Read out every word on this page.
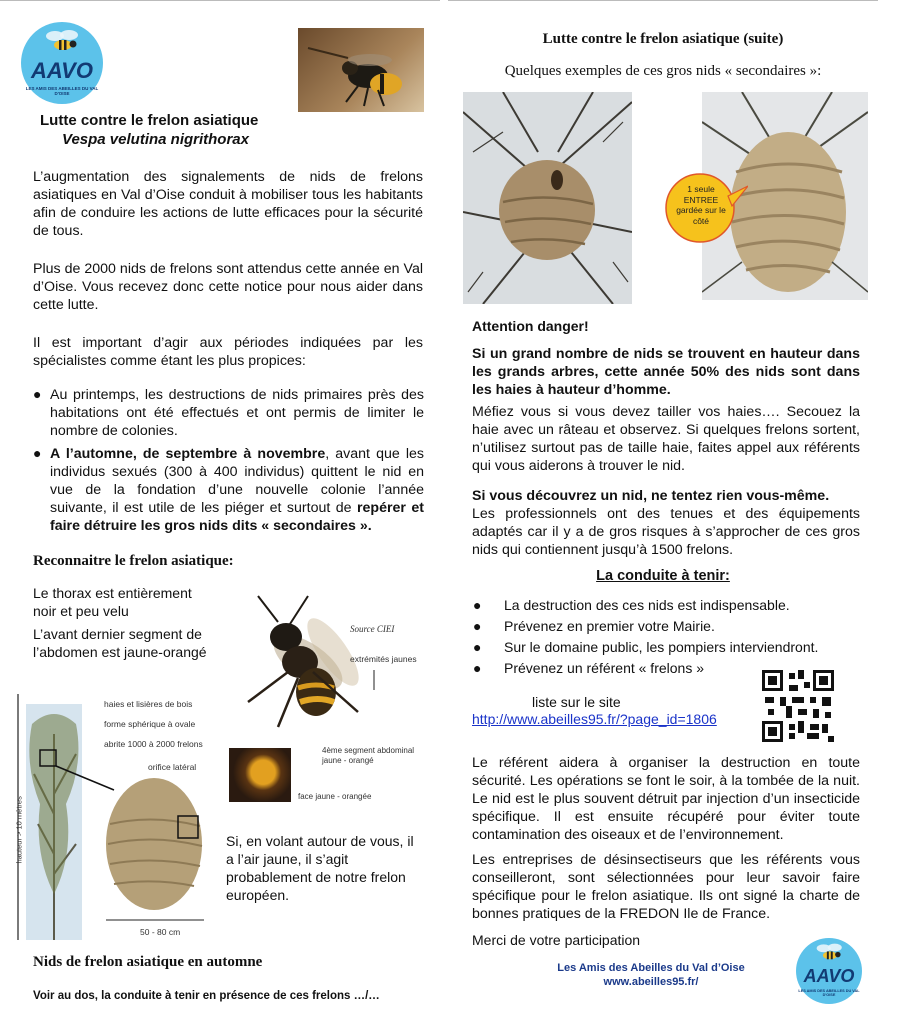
AAVO
LES AMIS DES ABEILLES DU VAL D'OISE
Lutte contre le frelon asiatique
Vespa velutina nigrithorax
L’augmentation des signalements de nids de frelons asiatiques en Val d’Oise conduit à mobiliser tous les habitants afin de conduire les actions de lutte efficaces pour la sécurité de tous.
Plus de 2000 nids de frelons sont attendus cette année en Val d’Oise. Vous recevez donc cette notice pour nous aider dans cette lutte.
Il est important d’agir aux périodes indiquées par les spécialistes comme étant les plus propices:
● Au printemps, les destructions de nids primaires près des habitations ont été effectués et ont permis de limiter le nombre de colonies.
● A l’automne, de septembre à novembre, avant que les individus sexués (300 à 400 individus) quittent le nid en vue de la fondation d’une nouvelle colonie l’année suivante, il est utile de les piéger et surtout de repérer et faire détruire les gros nids dits « secondaires ».
Reconnaitre le frelon asiatique:
Le thorax est entièrement noir et peu velu
L’avant dernier segment de l’abdomen est jaune-orangé
Source CIEI
extrémités jaunes
4ème segment abdominal
jaune - orangé
face jaune - orangée
haies et lisières de bois
forme sphérique à ovale
abrite 1000 à 2000 frelons
orifice latéral
hauteur > 10 mètres
50 - 80 cm
Si, en volant autour de vous, il a l’air jaune, il s’agit probablement de notre frelon européen.
Nids de frelon asiatique en automne
Voir au dos, la conduite à tenir en présence de ces frelons …/…
Lutte contre le frelon asiatique (suite)
Quelques exemples de ces gros nids « secondaires »:
1 seule ENTREE gardée sur le côté
Attention danger!
Si un grand nombre de nids se trouvent en hauteur dans les grands arbres, cette année 50% des nids sont dans les haies à hauteur d’homme.
Méfiez vous si vous devez tailler vos haies…. Secouez la haie avec un râteau et observez. Si quelques frelons sortent, n’utilisez surtout pas de taille haie, faites appel aux référents qui vous aiderons à trouver le nid.
Si vous découvrez un nid, ne tentez rien vous-même.
Les professionnels ont des tenues et des équipements adaptés car il y a de gros risques à s’approcher de ces gros nids qui contiennent jusqu’à 1500 frelons.
La conduite à tenir:
● La destruction des ces nids est indispensable.
● Prévenez en premier votre Mairie.
● Sur le domaine public, les pompiers interviendront.
● Prévenez un référent « frelons »
liste sur le site
http://www.abeilles95.fr/?page_id=1806
Le référent aidera à organiser la destruction en toute sécurité. Les opérations se font le soir, à la tombée de la nuit. Le nid est le plus souvent détruit par injection d’un insecticide spécifique. Il est ensuite récupéré pour éviter toute contamination des oiseaux et de l’environnement.
Les entreprises de désinsectiseurs que les référents vous conseilleront, sont sélectionnées pour leur savoir faire spécifique pour le frelon asiatique. Ils ont signé la charte de bonnes pratiques de la FREDON Ile de France.
Merci de votre participation
Les Amis des Abeilles du Val d’Oise
www.abeilles95.fr/	AAVO
LES AMIS DES ABEILLES DU VAL D'OISE
